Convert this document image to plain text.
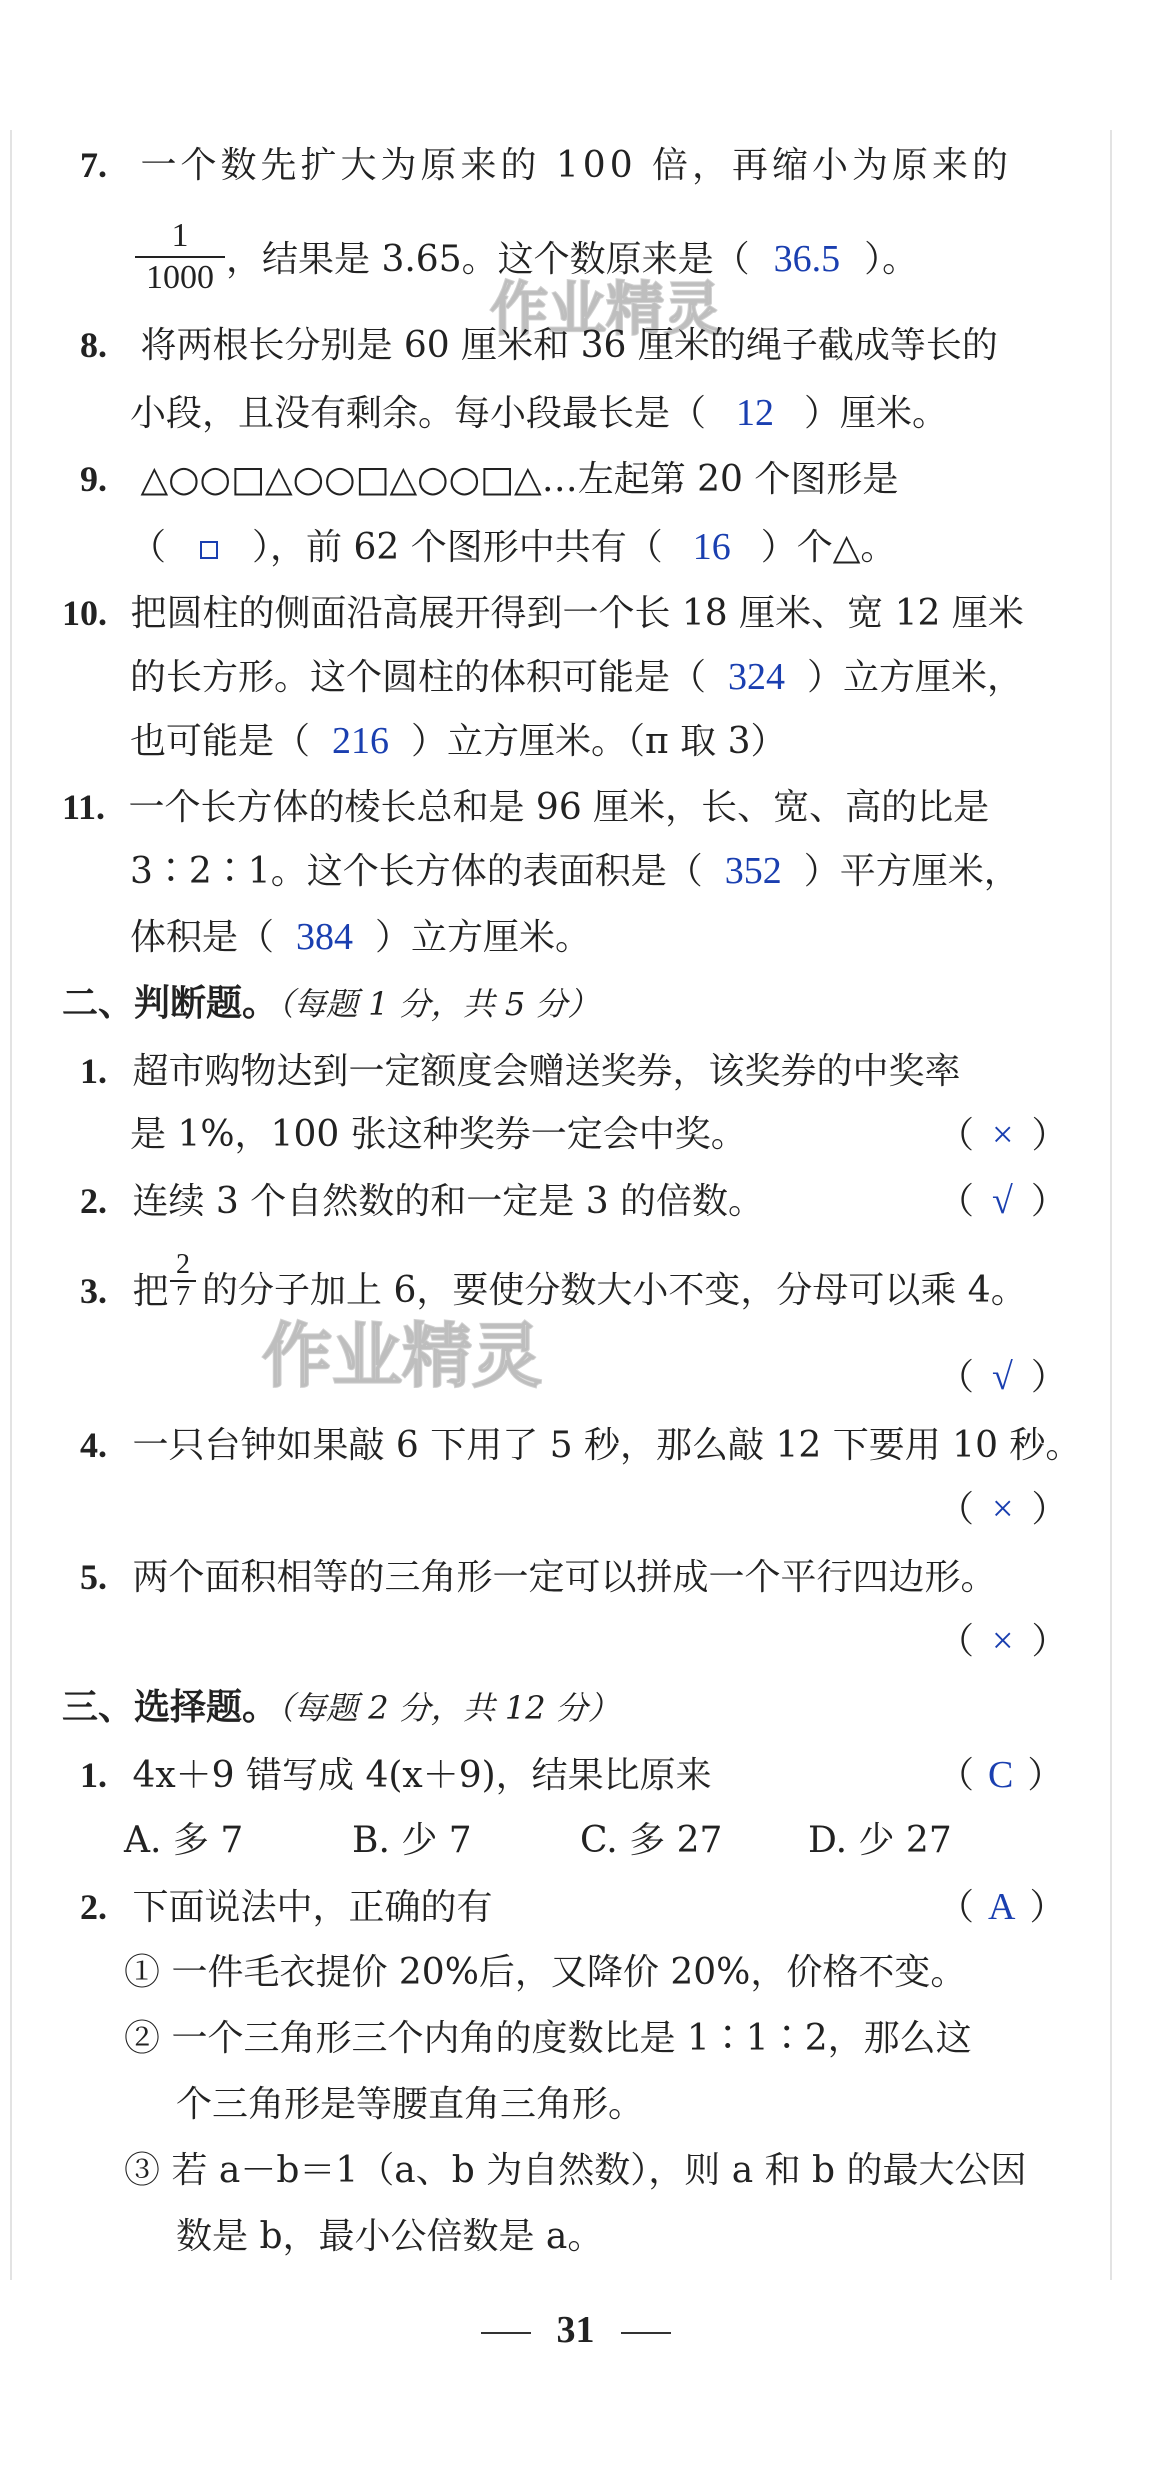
作业精灵
作业精灵
7. 一个数先扩大为原来的 100 倍，再缩小为原来的
1
1000 ，结果是 3.65。这个数原来是（ 36.5 ）。
8. 将两根长分别是 60 厘米和 36 厘米的绳子截成等长的
小段，且没有剩余。每小段最长是（ 12 ）厘米。
9. △○○□△○○□△○○□△…左起第 20 个图形是
（ ），前 62 个图形中共有（ 16 ）个△。
10. 把圆柱的侧面沿高展开得到一个长 18 厘米、宽 12 厘米
的长方形。这个圆柱的体积可能是（ 324 ）立方厘米，
也可能是（ 216 ）立方厘米。（π 取 3）
11. 一个长方体的棱长总和是 96 厘米，长、宽、高的比是
3∶2∶1。这个长方体的表面积是（ 352 ）平方厘米，
体积是（ 384 ）立方厘米。
二、判断题。（每题 1 分，共 5 分）
1. 超市购物达到一定额度会赠送奖券，该奖券的中奖率
是 1%，100 张这种奖券一定会中奖。	（ × ）
2. 连续 3 个自然数的和一定是 3 的倍数。	（ √ ）
3. 把
2
7 的分子加上 6，要使分数大小不变，分母可以乘 4。
（ √ ）
4. 一只台钟如果敲 6 下用了 5 秒，那么敲 12 下要用 10 秒。
（ × ）
5. 两个面积相等的三角形一定可以拼成一个平行四边形。
（ × ）
三、选择题。（每题 2 分，共 12 分）
1. 4x＋9 错写成 4(x＋9)，结果比原来	（ C ）
A. 多 7	B. 少 7	C. 多 27 D. 少 27
2. 下面说法中，正确的有	（ A ）
① 一件毛衣提价 20%后，又降价 20%，价格不变。
② 一个三角形三个内角的度数比是 1∶1∶2，那么这
个三角形是等腰直角三角形。
③ 若 a－b＝1（a、b 为自然数），则 a 和 b 的最大公因
数是 b，最小公倍数是 a。
31
